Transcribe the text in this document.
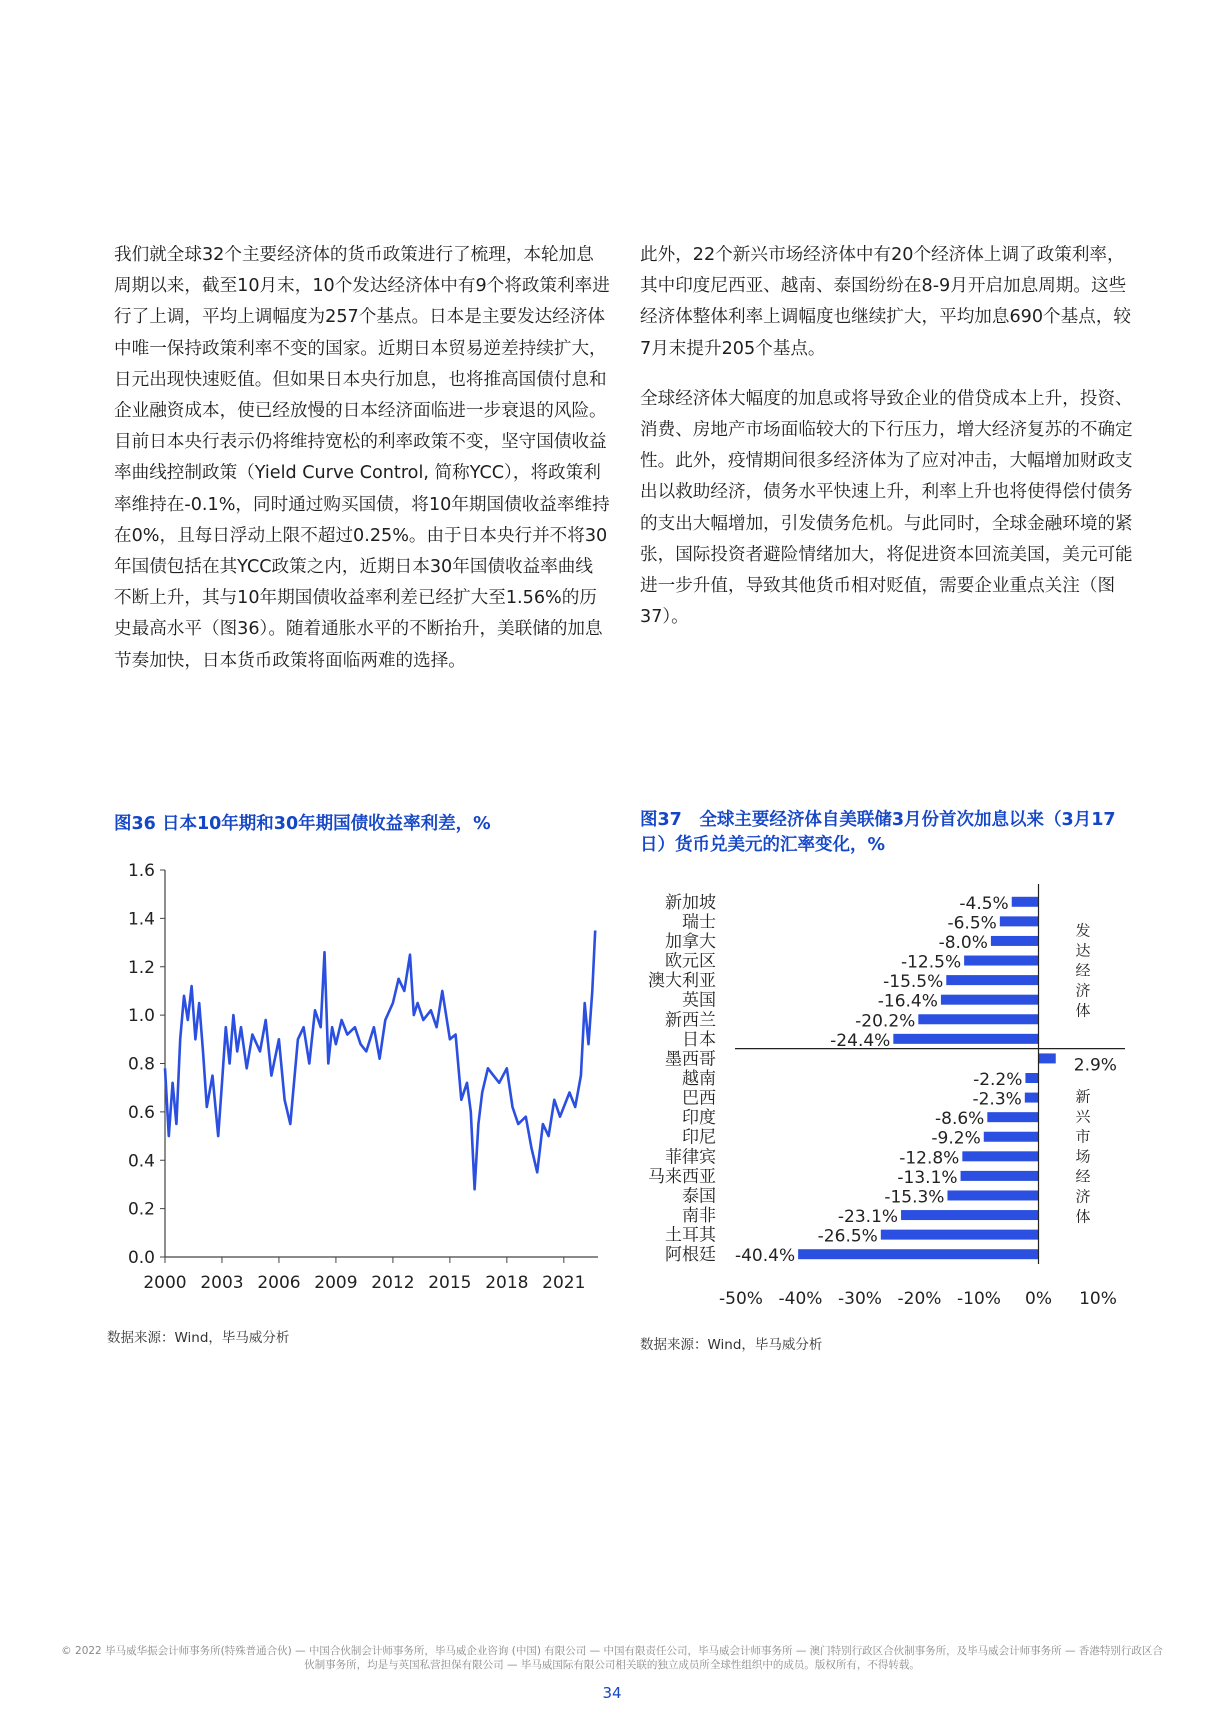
我们就全球32个主要经济体的货币政策进行了梳理，本轮加息周期以来，截至10月末，10个发达经济体中有9个将政策利率进行了上调，平均上调幅度为257个基点。日本是主要发达经济体中唯一保持政策利率不变的国家。近期日本贸易逆差持续扩大，日元出现快速贬值。但如果日本央行加息，也将推高国债付息和企业融资成本，使已经放慢的日本经济面临进一步衰退的风险。目前日本央行表示仍将维持宽松的利率政策不变，坚守国债收益率曲线控制政策（Yield Curve Control, 简称YCC），将政策利率维持在-0.1%，同时通过购买国债，将10年期国债收益率维持在0%，且每日浮动上限不超过0.25%。由于日本央行并不将30年国债包括在其YCC政策之内，近期日本30年国债收益率曲线不断上升，其与10年期国债收益率利差已经扩大至1.56%的历史最高水平（图36）。随着通胀水平的不断抬升，美联储的加息节奏加快，日本货币政策将面临两难的选择。

此外，22个新兴市场经济体中有20个经济体上调了政策利率，其中印度尼西亚、越南、泰国纷纷在8-9月开启加息周期。这些经济体整体利率上调幅度也继续扩大，平均加息690个基点，较7月末提升205个基点。

全球经济体大幅度的加息或将导致企业的借贷成本上升，投资、消费、房地产市场面临较大的下行压力，增大经济复苏的不确定性。此外，疫情期间很多经济体为了应对冲击，大幅增加财政支出以救助经济，债务水平快速上升，利率上升也将使得偿付债务的支出大幅增加，引发债务危机。与此同时，全球金融环境的紧张，国际投资者避险情绪加大，将促进资本回流美国，美元可能进一步升值，导致其他货币相对贬值，需要企业重点关注（图37）。

图36 日本10年期和30年期国债收益率利差，%	图37　全球主要经济体自美联储3月份首次加息以来（3月17日）货币兑美元的汇率变化，%
0.0
0.2
0.4
0.6
0.8
1.0
1.2
1.4
1.6
2000 2003 2006 2009 2012 2015 2018 2021
新加坡	-4.5%
瑞士	-6.5%
加拿大	-8.0%
欧元区	-12.5%
澳大利亚	-15.5%
英国	-16.4%
新西兰	-20.2%
日本	-24.4%
墨西哥	2.9%
越南	-2.2%
巴西	-2.3%
印度	-8.6%
印尼	-9.2%
菲律宾	-12.8%
马来西亚	-13.1%
泰国	-15.3%
南非	-23.1%
土耳其	-26.5%
阿根廷 -40.4%
-50% -40% -30% -20% -10% 0% 10%
发达经济体
新兴市场经济体
数据来源：Wind，毕马威分析	数据来源：Wind，毕马威分析
© 2022 毕马威华振会计师事务所(特殊普通合伙) — 中国合伙制会计师事务所，毕马威企业咨询 (中国) 有限公司 — 中国有限责任公司，毕马威会计师事务所 — 澳门特别行政区合伙制事务所，及毕马威会计师事务所 — 香港特别行政区合伙制事务所，均是与英国私营担保有限公司 — 毕马威国际有限公司相关联的独立成员所全球性组织中的成员。版权所有，不得转载。
34
